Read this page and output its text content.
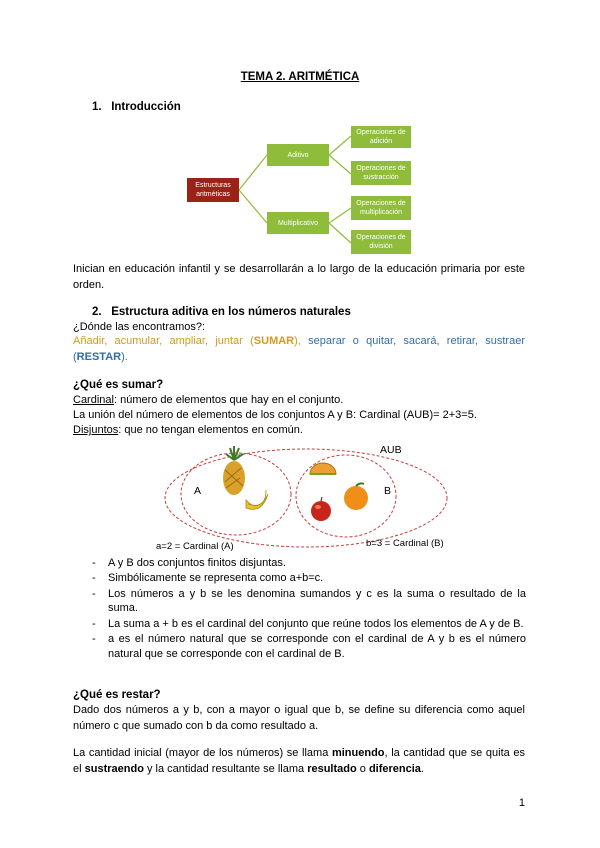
TEMA 2. ARITMÉTICA
1. Introducción
Estructuras aritméticas
Aditivo
Multiplicativo
Operaciones de adición
Operaciones de sustracción
Operaciones de multiplicación
Operaciones de división
Inician en educación infantil y se desarrollarán a lo largo de la educación primaria por este orden.
2. Estructura aditiva en los números naturales
¿Dónde las encontramos?:
Añadir, acumular, ampliar, juntar (SUMAR), separar o quitar, sacará, retirar, sustraer (RESTAR).
¿Qué es sumar?
Cardinal: número de elementos que hay en el conjunto.
La unión del número de elementos de los conjuntos A y B: Cardinal (AUB)= 2+3=5.
Disjuntos: que no tengan elementos en común.
AUB
A	B
a=2 = Cardinal (A)	b=3 = Cardinal (B)
- A y B dos conjuntos finitos disjuntas.
- Simbólicamente se representa como a+b=c.
- Los números a y b se les denomina sumandos y c es la suma o resultado de la suma.
- La suma a + b es el cardinal del conjunto que reúne todos los elementos de A y de B.
- a es el número natural que se corresponde con el cardinal de A y b es el número natural que se corresponde con el cardinal de B.
¿Qué es restar?
Dado dos números a y b, con a mayor o igual que b, se define su diferencia como aquel número c que sumado con b da como resultado a.
La cantidad inicial (mayor de los números) se llama minuendo, la cantidad que se quita es el sustraendo y la cantidad resultante se llama resultado o diferencia.
1
